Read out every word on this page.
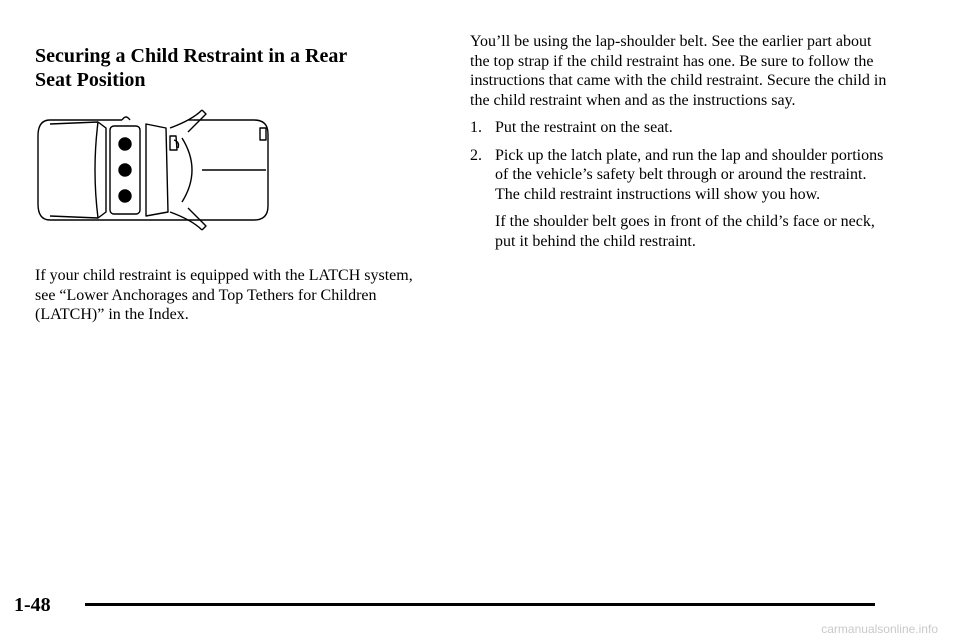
Securing a Child Restraint in a Rear
Seat Position

If your child restraint is equipped with the LATCH system, see “Lower Anchorages and Top Tethers for Children (LATCH)” in the Index.

You’ll be using the lap-shoulder belt. See the earlier part about the top strap if the child restraint has one. Be sure to follow the instructions that came with the child restraint. Secure the child in the child restraint when and as the instructions say.

1. Put the restraint on the seat.
2. Pick up the latch plate, and run the lap and shoulder portions of the vehicle’s safety belt through or around the restraint. The child restraint instructions will show you how.

If the shoulder belt goes in front of the child’s face or neck, put it behind the child restraint.

1-48
carmanualsonline.info
